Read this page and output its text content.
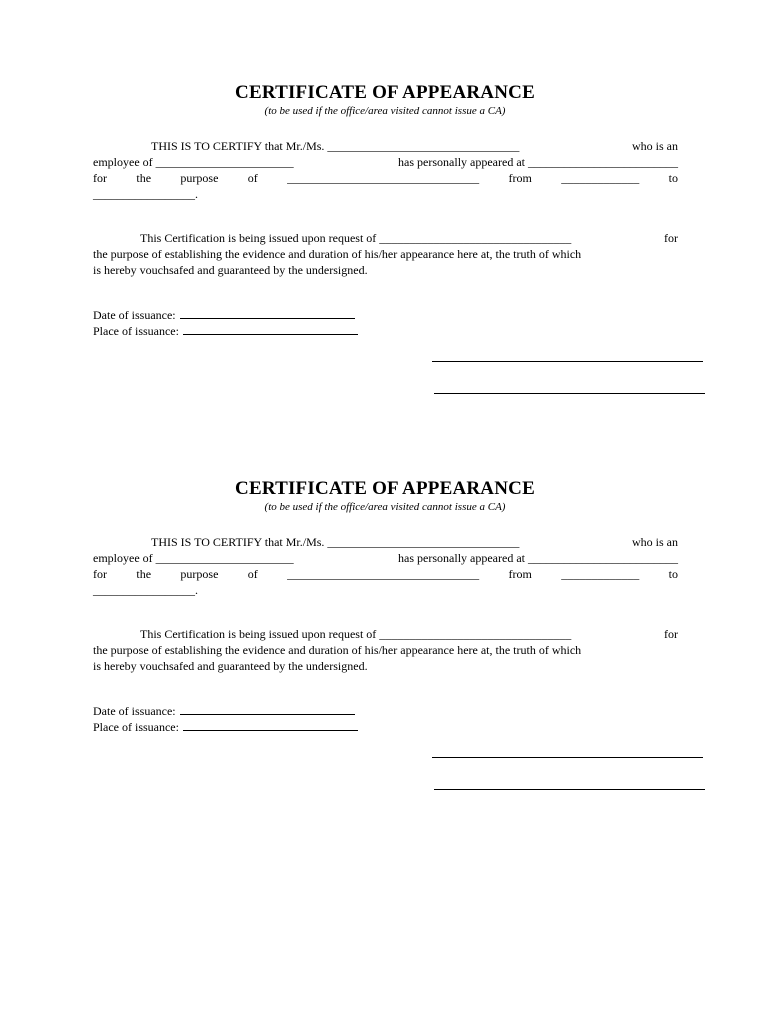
CERTIFICATE OF APPEARANCE
(to be used if the office/area visited cannot issue a CA)
THIS IS TO CERTIFY that Mr./Ms. ________________________________	who is an
employee of _______________________	has personally appeared at _________________________
for the purpose of ________________________________ from _____________ to
_________________.
This Certification is being issued upon request of ________________________________	for
the purpose of establishing the evidence and duration of his/her appearance here at, the truth of which
is hereby vouchsafed and guaranteed by the undersigned.
Date of issuance:
Place of issuance:
CERTIFICATE OF APPEARANCE
(to be used if the office/area visited cannot issue a CA)
THIS IS TO CERTIFY that Mr./Ms. ________________________________	who is an
employee of _______________________	has personally appeared at _________________________
for the purpose of ________________________________ from _____________ to
_________________.
This Certification is being issued upon request of ________________________________	for
the purpose of establishing the evidence and duration of his/her appearance here at, the truth of which
is hereby vouchsafed and guaranteed by the undersigned.
Date of issuance:
Place of issuance:
